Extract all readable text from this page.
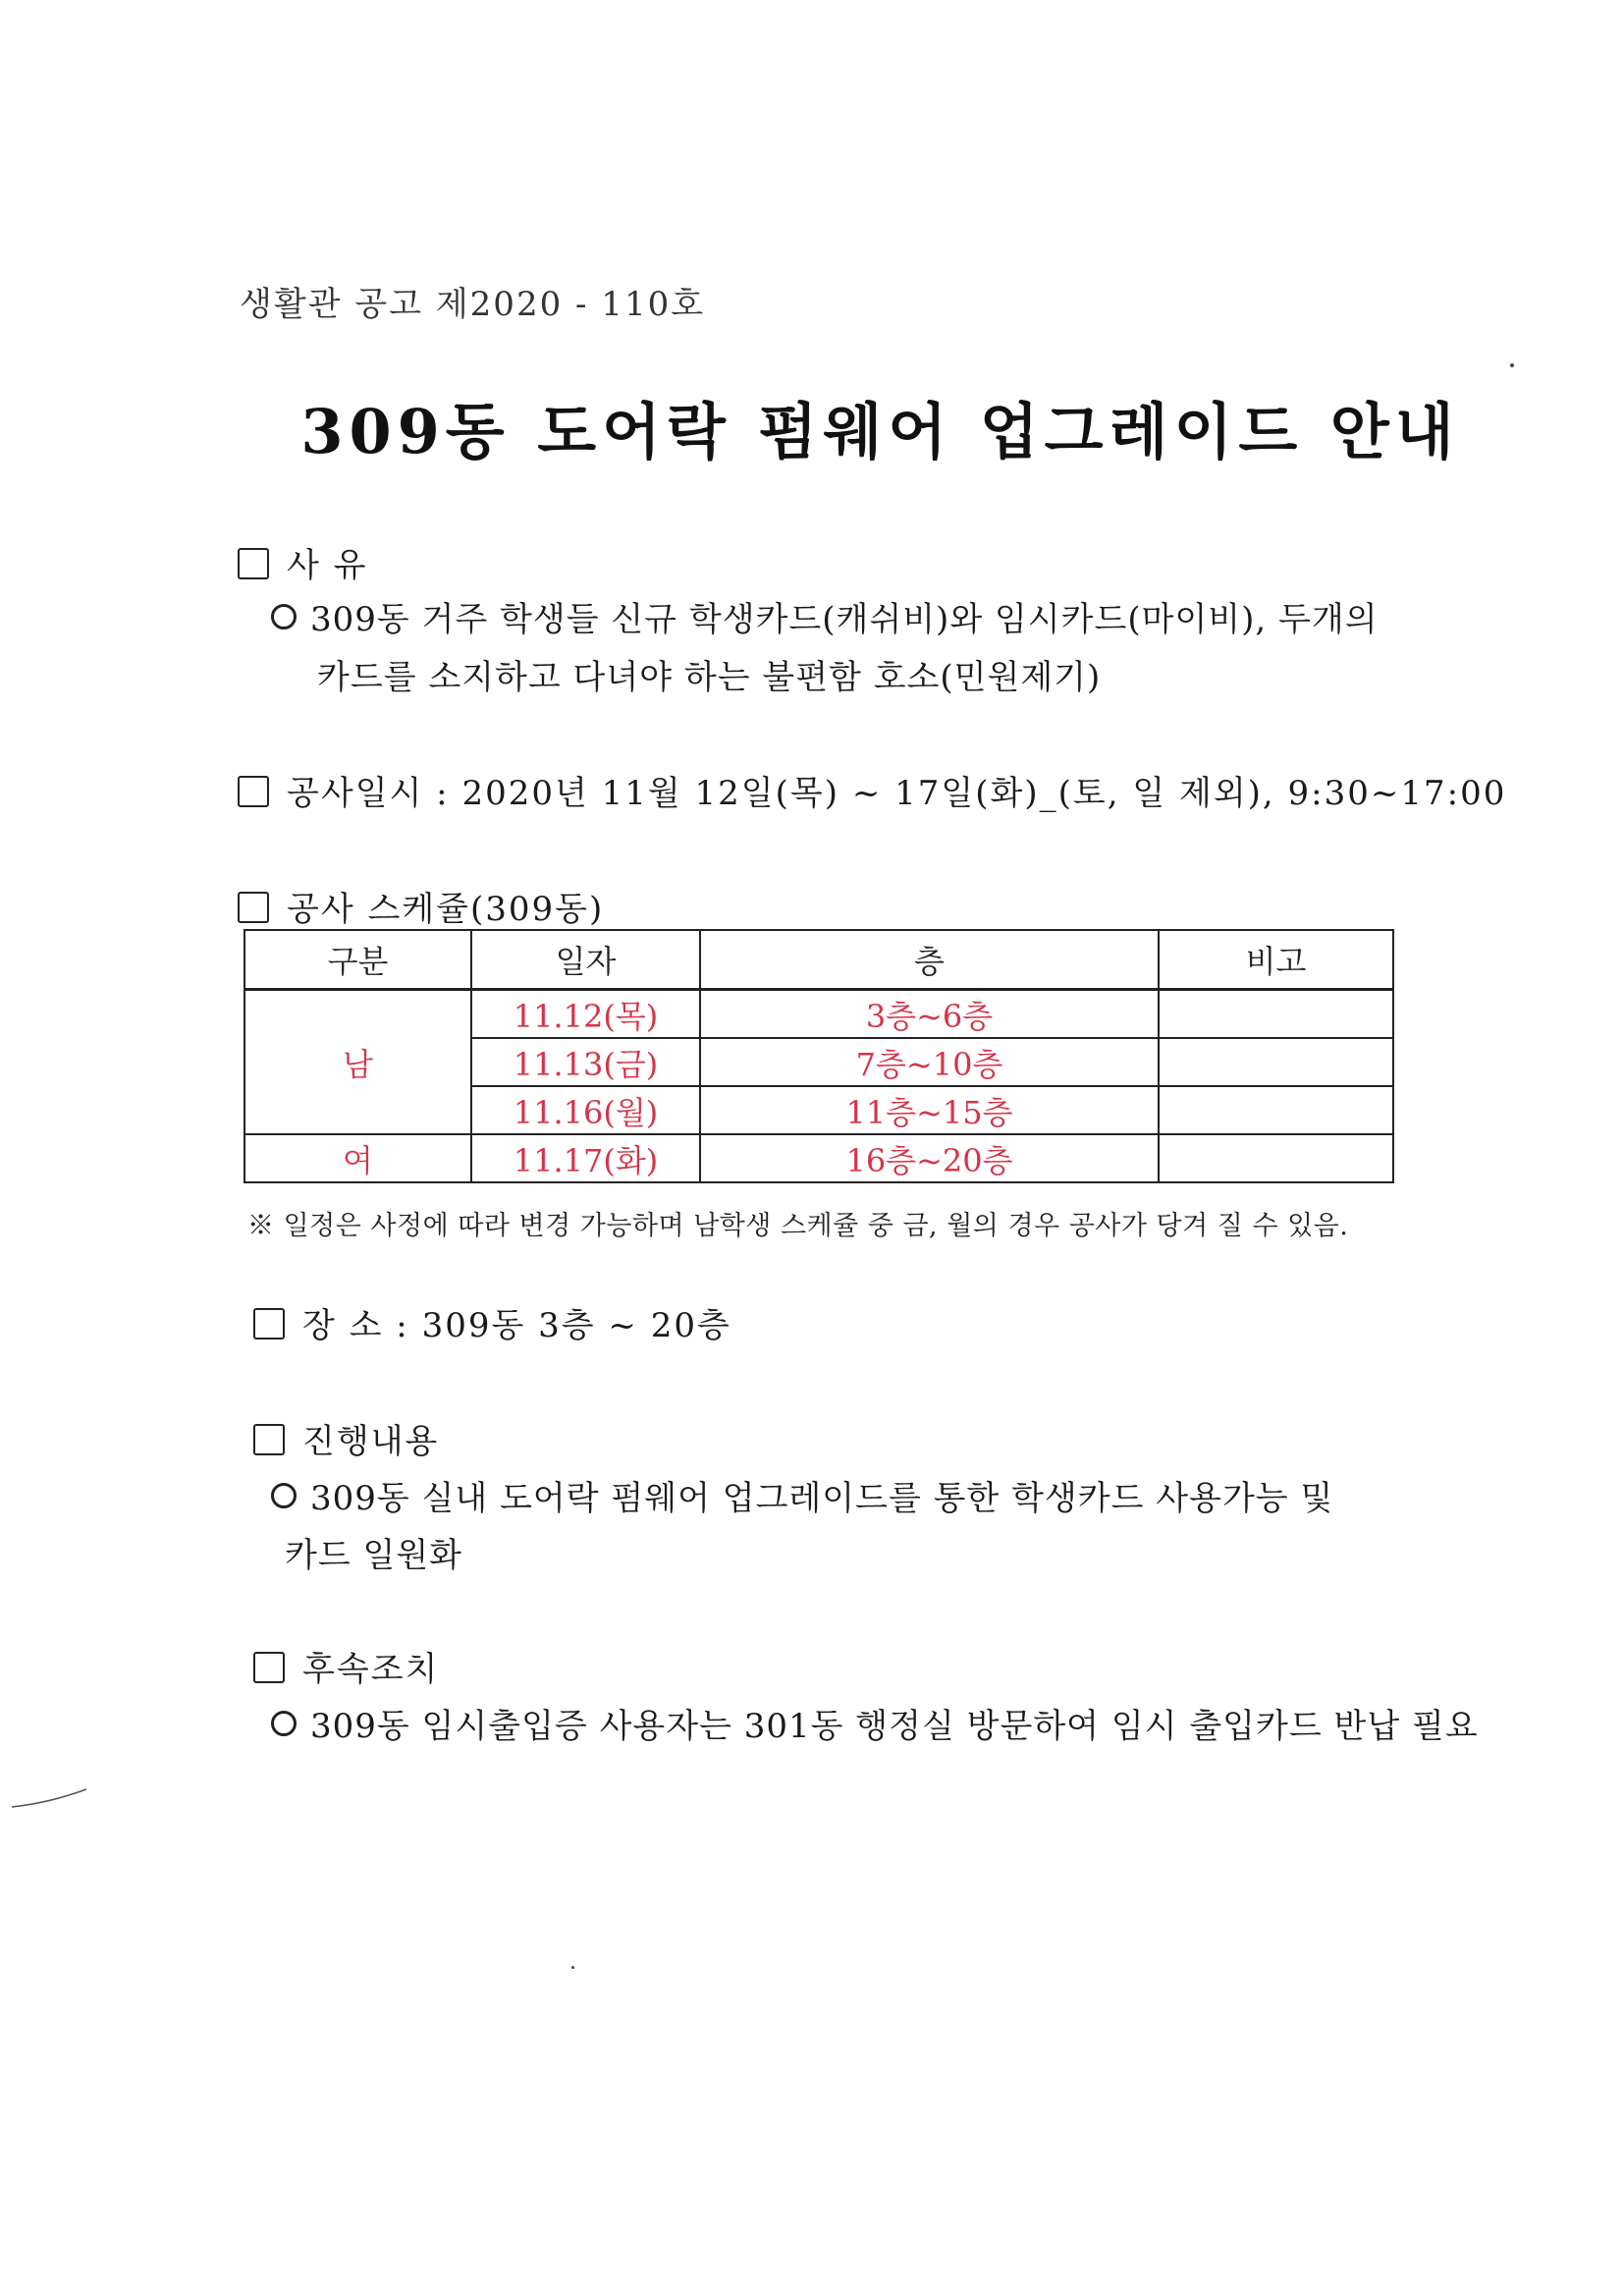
생활관 공고 제2020 - 110호
309동 도어락 펌웨어 업그레이드 안내
사 유
309동 거주 학생들 신규 학생카드(캐쉬비)와 임시카드(마이비), 두개의
카드를 소지하고 다녀야 하는 불편함 호소(민원제기)
공사일시 : 2020년 11월 12일(목) ~ 17일(화)_(토, 일 제외), 9:30~17:00
공사 스케쥴(309동)
구분	일자	층	비고
남	11.12(목)	3층~6층	
	11.13(금)	7층~10층	
	11.16(월)	11층~15층	
여	11.17(화)	16층~20층	
※ 일정은 사정에 따라 변경 가능하며 남학생 스케쥴 중 금, 월의 경우 공사가 당겨 질 수 있음.
장 소 : 309동 3층 ~ 20층
진행내용
309동 실내 도어락 펌웨어 업그레이드를 통한 학생카드 사용가능 및
카드 일원화
후속조치
309동 임시출입증 사용자는 301동 행정실 방문하여 임시 출입카드 반납 필요
